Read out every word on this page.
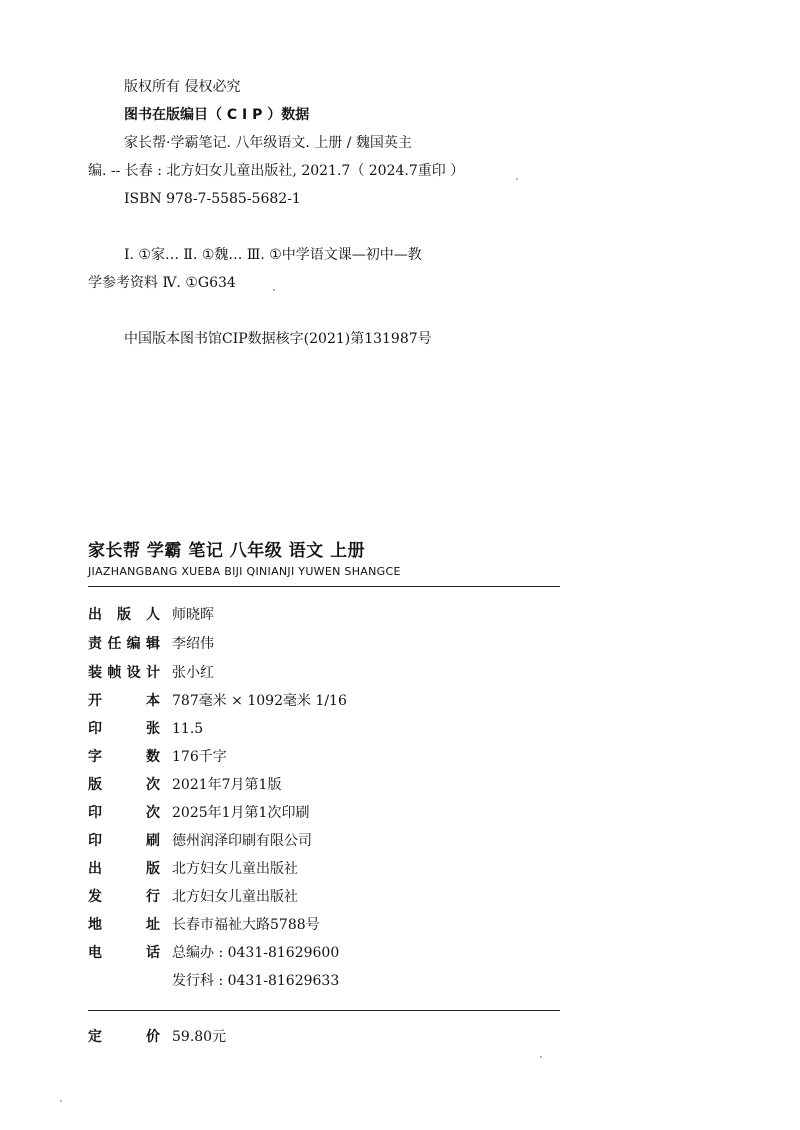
版权所有 侵权必究
图书在版编目（ C I P ）数据
家长帮·学霸笔记. 八年级语文. 上册 / 魏国英主
编. -- 长春 : 北方妇女儿童出版社, 2021.7（ 2024.7重印 ）
ISBN 978-7-5585-5682-1
Ⅰ. ①家… Ⅱ. ①魏… Ⅲ. ①中学语文课—初中—教
学参考资料 Ⅳ. ①G634
中国版本图书馆CIP数据核字(2021)第131987号
家长帮 学霸 笔记 八年级 语文 上册
JIAZHANGBANG XUEBA BIJI QINIANJI YUWEN SHANGCE
出 版 人 师晓晖
责 任 编 辑 李绍伟
装 帧 设 计 张小红
开	本 787毫米 × 1092毫米 1/16
印	张 11.5
字	数 176千字
版	次 2021年7月第1版
印	次 2025年1月第1次印刷
印	刷 德州润泽印刷有限公司
出	版 北方妇女儿童出版社
发	行 北方妇女儿童出版社
地	址 长春市福祉大路5788号
电	话 总编办 : 0431-81629600
发行科 : 0431-81629633
定	价 59.80元
